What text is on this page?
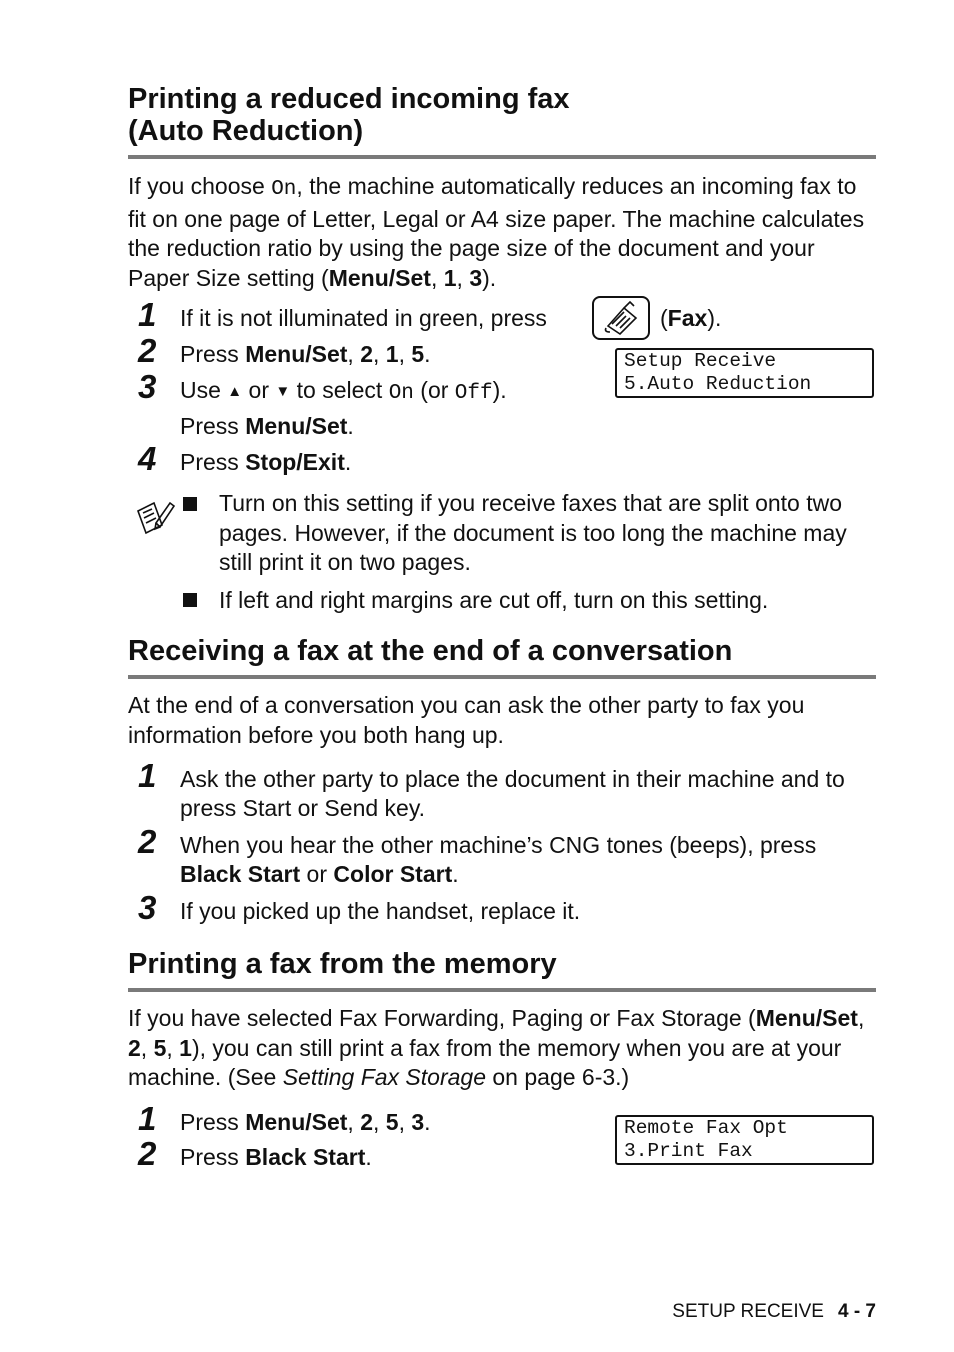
Printing a reduced incoming fax
(Auto Reduction)

If you choose On, the machine automatically reduces an incoming fax to fit on one page of Letter, Legal or A4 size paper. The machine calculates the reduction ratio by using the page size of the document and your Paper Size setting (Menu/Set, 1, 3).

1	If it is not illuminated in green, press	(Fax).

2	Press Menu/Set, 2, 1, 5.	Setup Receive
5.Auto Reduction
3	Use ▲ or ▼ to select On (or Off).

Press Menu/Set.

4	Press Stop/Exit.

Turn on this setting if you receive faxes that are split onto two pages. However, if the document is too long the machine may still print it on two pages.

If left and right margins are cut off, turn on this setting.

Receiving a fax at the end of a conversation

At the end of a conversation you can ask the other party to fax you information before you both hang up.

1	Ask the other party to place the document in their machine and to press Start or Send key.

2	When you hear the other machine’s CNG tones (beeps), press Black Start or Color Start.

3	If you picked up the handset, replace it.

Printing a fax from the memory

If you have selected Fax Forwarding, Paging or Fax Storage (Menu/Set, 2, 5, 1), you can still print a fax from the memory when you are at your machine. (See Setting Fax Storage on page 6-3.)

1	Press Menu/Set, 2, 5, 3.

2	Press Black Start.

Remote Fax Opt
3.Print Fax
SETUP RECEIVE 4 - 7
